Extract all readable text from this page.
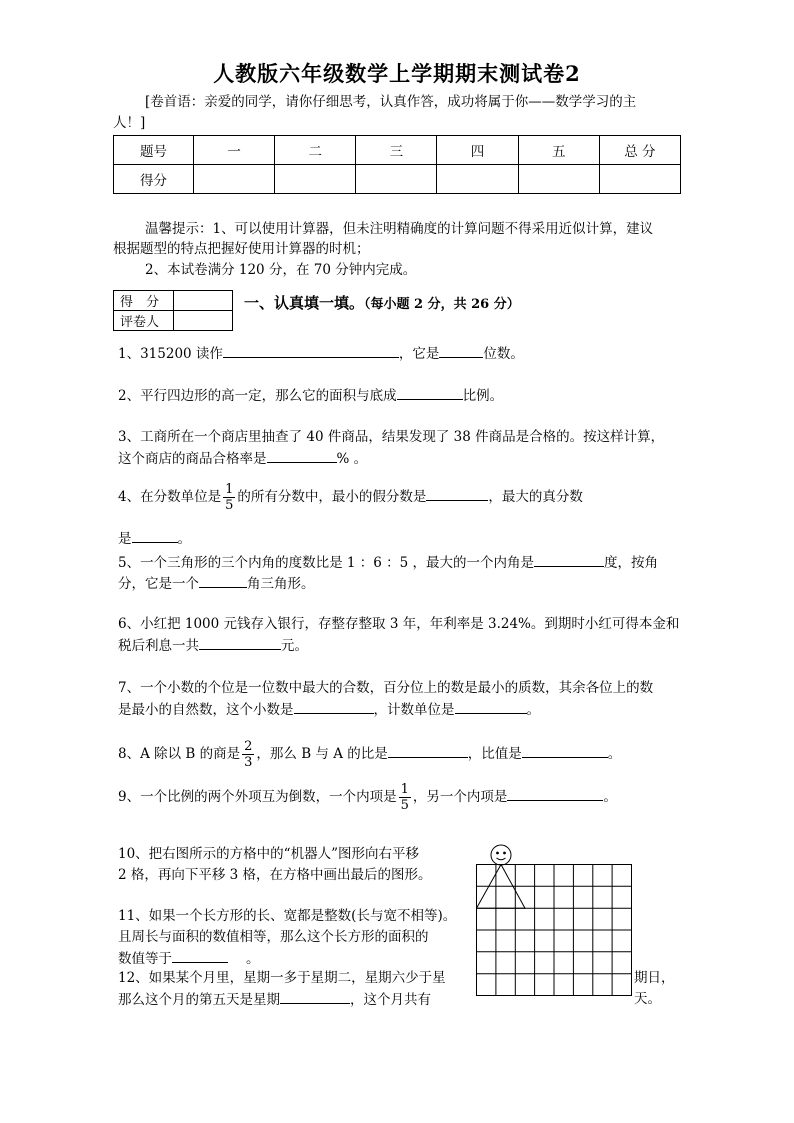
人教版六年级数学上学期期末测试卷2
[卷首语：亲爱的同学，请你仔细思考，认真作答，成功将属于你——数学学习的主
人！]
题号	一	二	三	四	五	总 分
得分						
温馨提示：1、可以使用计算器，但未注明精确度的计算问题不得采用近似计算，建议
根据题型的特点把握好使用计算器的时机；
2、本试卷满分 120 分，在 70 分钟内完成。
得　分	
评卷人	
一、认真填一填。（每小题 2 分，共 26 分）
1、315200 读作	，它是	位数。
2、平行四边形的高一定，那么它的面积与底成	比例。
3、工商所在一个商店里抽查了 40 件商品，结果发现了 38 件商品是合格的。按这样计算，
这个商店的商品合格率是	% 。
4、在分数单位是 $\frac{1}{5}$ 的所有分数中，最小的假分数是	，最大的真分数
是	。
5、一个三角形的三个内角的度数比是 1 ：6 ：5 ，最大的一个内角是	度，按角
分，它是一个	角三角形。
6、小红把 1000 元钱存入银行，存整存整取 3 年，年利率是 3.24%。到期时小红可得本金和
税后利息一共	元。
7、一个小数的个位是一位数中最大的合数，百分位上的数是最小的质数，其余各位上的数
是最小的自然数，这个小数是	，计数单位是	。
8、A 除以 B 的商是 $\frac{2}{3}$ ，那么 B 与 A 的比是	，比值是	。
9、一个比例的两个外项互为倒数，一个内项是 $\frac{1}{5}$ ，另一个内项是	。
10、把右图所示的方格中的“机器人”图形向右平移
2 格，再向下平移 3 格，在方格中画出最后的图形。
11、如果一个长方形的长、宽都是整数(长与宽不相等)。
且周长与面积的数值相等，那么这个长方形的面积的
数值等于	。
12、如果某个月里，星期一多于星期二，星期六少于星	期日，
那么这个月的第五天是星期	，这个月共有	天。
